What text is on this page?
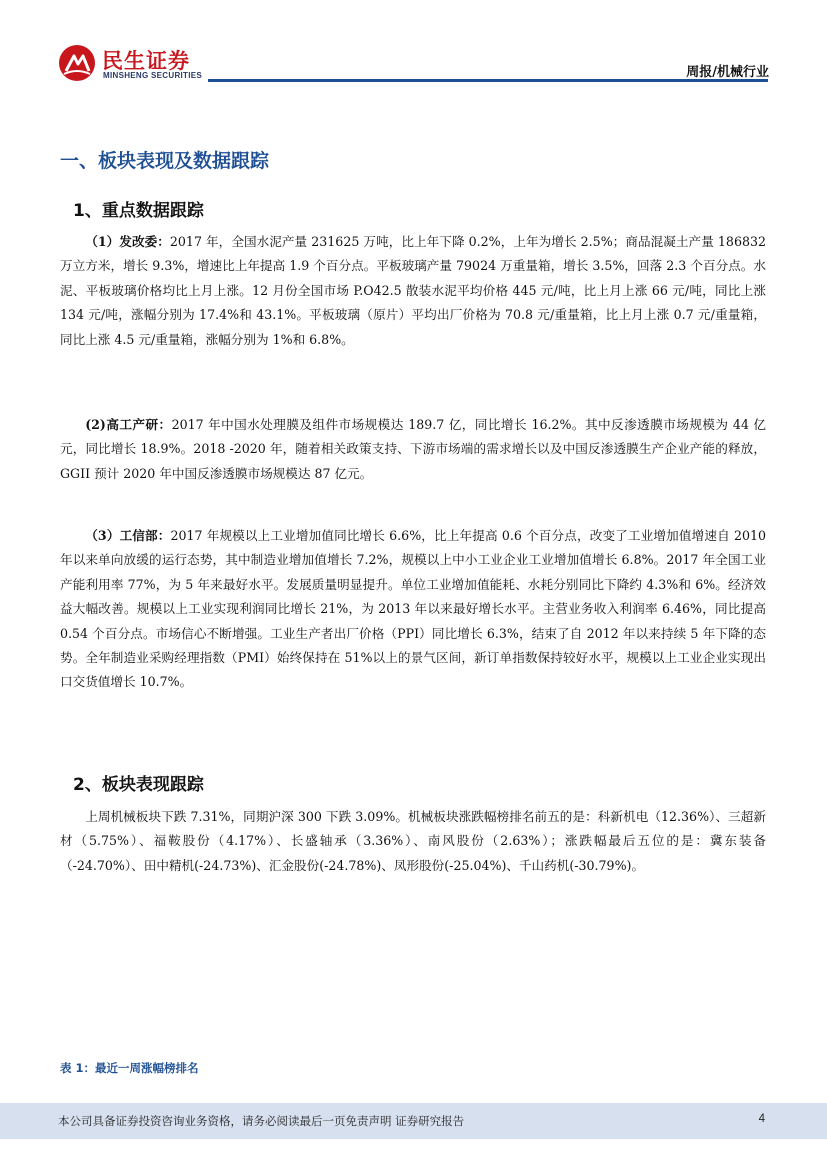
民生证券
MINSHENG SECURITIES	周报/机械行业
一、板块表现及数据跟踪
1、重点数据跟踪

（1）发改委：2017 年，全国水泥产量 231625 万吨，比上年下降 0.2%，上年为增长 2.5%；商品混凝土产量 186832 万立方米，增长 9.3%，增速比上年提高 1.9 个百分点。平板玻璃产量 79024 万重量箱，增长 3.5%，回落 2.3 个百分点。水泥、平板玻璃价格均比上月上涨。12 月份全国市场 P.O42.5 散装水泥平均价格 445 元/吨，比上月上涨 66 元/吨，同比上涨 134 元/吨，涨幅分别为 17.4%和 43.1%。平板玻璃（原片）平均出厂价格为 70.8 元/重量箱，比上月上涨 0.7 元/重量箱，同比上涨 4.5 元/重量箱，涨幅分别为 1%和 6.8%。

(2)高工产研：2017 年中国水处理膜及组件市场规模达 189.7 亿，同比增长 16.2%。其中反渗透膜市场规模为 44 亿元，同比增长 18.9%。2018 -2020 年，随着相关政策支持、下游市场端的需求增长以及中国反渗透膜生产企业产能的释放，GGII 预计 2020 年中国反渗透膜市场规模达 87 亿元。

（3）工信部：2017 年规模以上工业增加值同比增长 6.6%，比上年提高 0.6 个百分点，改变了工业增加值增速自 2010 年以来单向放缓的运行态势，其中制造业增加值增长 7.2%，规模以上中小工业企业工业增加值增长 6.8%。2017 年全国工业产能利用率 77%，为 5 年来最好水平。发展质量明显提升。单位工业增加值能耗、水耗分别同比下降约 4.3%和 6%。经济效益大幅改善。规模以上工业实现利润同比增长 21%，为 2013 年以来最好增长水平。主营业务收入利润率 6.46%，同比提高 0.54 个百分点。市场信心不断增强。工业生产者出厂价格（PPI）同比增长 6.3%，结束了自 2012 年以来持续 5 年下降的态势。全年制造业采购经理指数（PMI）始终保持在 51%以上的景气区间，新订单指数保持较好水平，规模以上工业企业实现出口交货值增长 10.7%。

2、板块表现跟踪

上周机械板块下跌 7.31%，同期沪深 300 下跌 3.09%。机械板块涨跌幅榜排名前五的是：科新机电（12.36%）、三超新材（5.75%）、福鞍股份（4.17%）、长盛轴承（3.36%）、南风股份（2.63%）；涨跌幅最后五位的是：冀东装备（-24.70%）、田中精机(-24.73%)、汇金股份(-24.78%)、凤形股份(-25.04%)、千山药机(-30.79%)。

表 1：最近一周涨幅榜排名
本公司具备证券投资咨询业务资格，请务必阅读最后一页免责声明 证券研究报告	4
